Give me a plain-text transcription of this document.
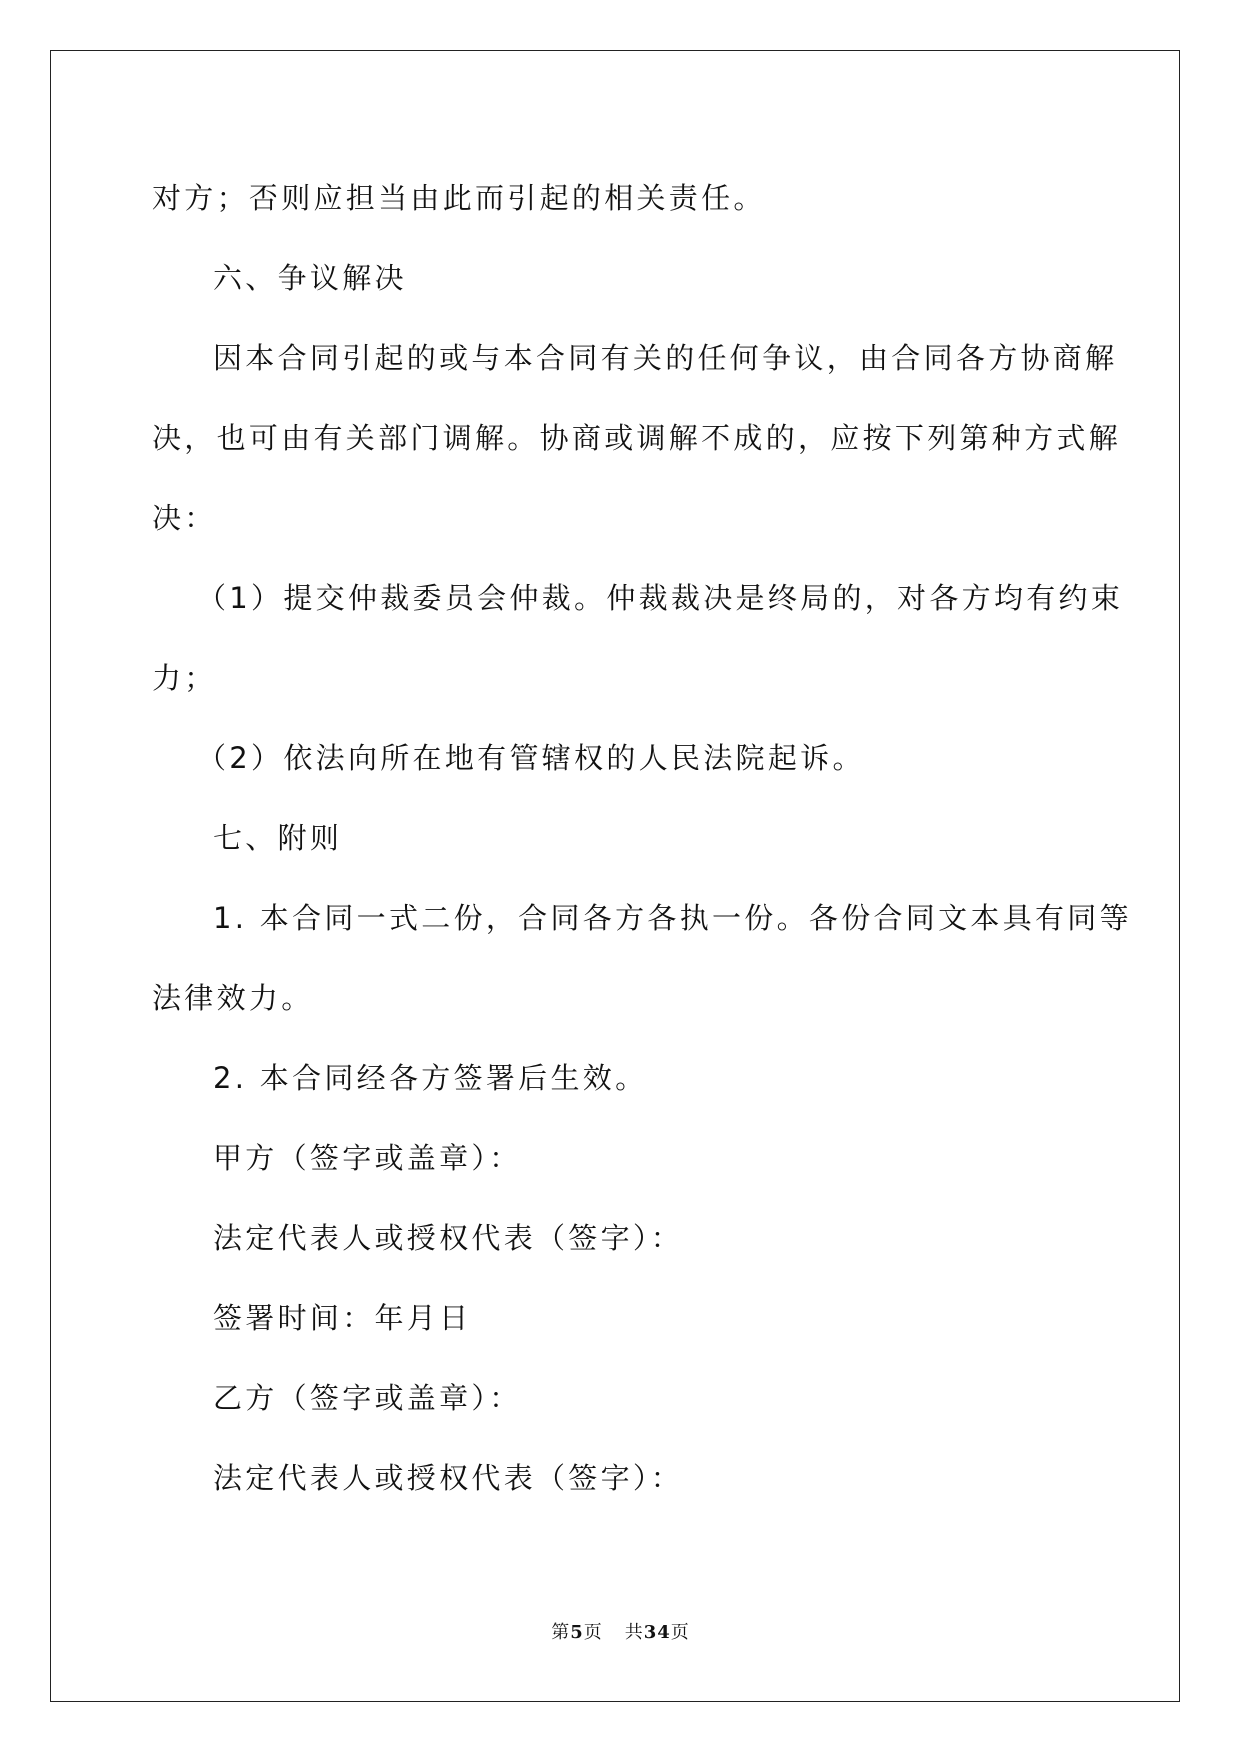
对方；否则应担当由此而引起的相关责任。
六、争议解决
因本合同引起的或与本合同有关的任何争议，由合同各方协商解
决，也可由有关部门调解。协商或调解不成的，应按下列第种方式解
决：
（1）提交仲裁委员会仲裁。仲裁裁决是终局的，对各方均有约束
力；
（2）依法向所在地有管辖权的人民法院起诉。
七、附则
1. 本合同一式二份，合同各方各执一份。各份合同文本具有同等
法律效力。
2. 本合同经各方签署后生效。
甲方（签字或盖章）：
法定代表人或授权代表（签字）：
签署时间：年月日
乙方（签字或盖章）：
法定代表人或授权代表（签字）：
第5页 共34页
